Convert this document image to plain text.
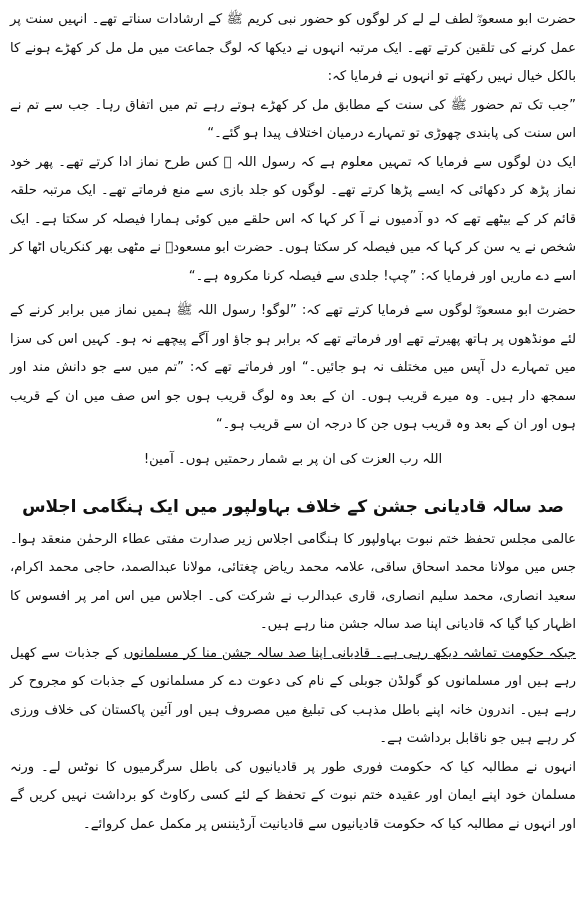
حضرت ابو مسعودؓ لطف لے لے کر لوگوں کو حضور نبی کریم ﷺ کے ارشادات سناتے تھے۔ انہیں سنت پر عمل کرنے کی تلقین کرتے تھے۔ ایک مرتبہ انہوں نے دیکھا کہ لوگ جماعت میں مل مل کر کھڑے ہونے کا بالکل خیال نہیں رکھتے تو انہوں نے فرمایا کہ:

”جب تک تم حضور ﷺ کی سنت کے مطابق مل کر کھڑے ہوتے رہے تم میں اتفاق رہا۔ جب سے تم نے اس سنت کی پابندی چھوڑی تو تمہارے درمیان اختلاف پیدا ہو گئے۔“

ایک دن لوگوں سے فرمایا کہ تمہیں معلوم ہے کہ رسول اللہ ﷺ کس طرح نماز ادا کرتے تھے۔ پھر خود نماز پڑھ کر دکھائی کہ ایسے پڑھا کرتے تھے۔ لوگوں کو جلد بازی سے منع فرماتے تھے۔ ایک مرتبہ حلقہ قائم کر کے بیٹھے تھے کہ دو آدمیوں نے آ کر کہا کہ اس حلقے میں کوئی ہمارا فیصلہ کر سکتا ہے۔ ایک شخص نے یہ سن کر کہا کہ میں فیصلہ کر سکتا ہوں۔ حضرت ابو مسعودؓ نے مٹھی بھر کنکریاں اٹھا کر اسے دے ماریں اور فرمایا کہ: ”چپ! جلدی سے فیصلہ کرنا مکروہ ہے۔“

حضرت ابو مسعودؓ لوگوں سے فرمایا کرتے تھے کہ: ”لوگو! رسول اللہ ﷺ ہمیں نماز میں برابر کرنے کے لئے مونڈھوں پر ہاتھ پھیرتے تھے اور فرماتے تھے کہ برابر ہو جاؤ اور آگے پیچھے نہ ہو۔ کہیں اس کی سزا میں تمہارے دل آپس میں مختلف نہ ہو جائیں۔“ اور فرماتے تھے کہ: ”تم میں سے جو دانش مند اور سمجھ دار ہیں۔ وہ میرے قریب ہوں۔ ان کے بعد وہ لوگ قریب ہوں جو اس صف میں ان کے قریب ہوں اور ان کے بعد وہ قریب ہوں جن کا درجہ ان سے قریب ہو۔“

اللہ رب العزت کی ان پر بے شمار رحمتیں ہوں۔ آمین!

صد سالہ قادیانی جشن کے خلاف بہاولپور میں ایک ہنگامی اجلاس

عالمی مجلس تحفظ ختم نبوت بہاولپور کا ہنگامی اجلاس زیر صدارت مفتی عطاء الرحمٰن منعقد ہوا۔ جس میں مولانا محمد اسحاق ساقی، علامہ محمد ریاض چغتائی، مولانا عبدالصمد، حاجی محمد اکرام، سعید انصاری، محمد سلیم انصاری، قاری عبدالرب نے شرکت کی۔ اجلاس میں اس امر پر افسوس کا اظہار کیا گیا کہ قادیانی اپنا صد سالہ جشن منا رہے ہیں۔

جبکہ حکومت تماشہ دیکھ رہی ہے۔ قادیانی اپنا صد سالہ جشن منا کر مسلمانوں کے جذبات سے کھیل رہے ہیں اور مسلمانوں کو گولڈن جوبلی کے نام کی دعوت دے کر مسلمانوں کے جذبات کو مجروح کر رہے ہیں۔ اندرون خانہ اپنے باطل مذہب کی تبلیغ میں مصروف ہیں اور آئین پاکستان کی خلاف ورزی کر رہے ہیں جو ناقابل برداشت ہے۔

انہوں نے مطالبہ کیا کہ حکومت فوری طور پر قادیانیوں کی باطل سرگرمیوں کا نوٹس لے۔ ورنہ مسلمان خود اپنے ایمان اور عقیدہ ختم نبوت کے تحفظ کے لئے کسی رکاوٹ کو برداشت نہیں کریں گے اور انہوں نے مطالبہ کیا کہ حکومت قادیانیوں سے قادیانیت آرڈیننس پر مکمل عمل کروائے۔
